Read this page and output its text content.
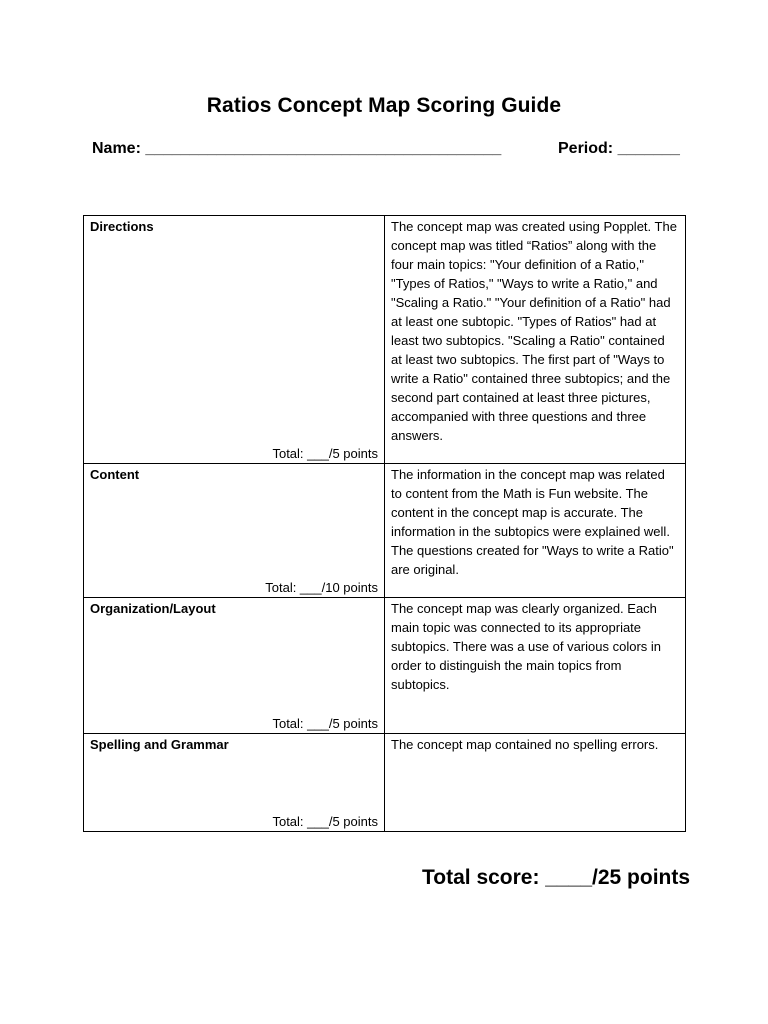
Ratios Concept Map Scoring Guide
Name: ________________________________________	Period: _______
Directions
Total: ___/5 points	The concept map was created using Popplet. The concept map was titled “Ratios” along with the four main topics: "Your definition of a Ratio," "Types of Ratios," "Ways to write a Ratio," and "Scaling a Ratio." "Your definition of a Ratio" had at least one subtopic. "Types of Ratios" had at least two subtopics. "Scaling a Ratio" contained at least two subtopics. The first part of "Ways to write a Ratio" contained three subtopics; and the second part contained at least three pictures, accompanied with three questions and three answers.

Content
Total: ___/10 points	The information in the concept map was related to content from the Math is Fun website. The content in the concept map is accurate. The information in the subtopics were explained well. The questions created for "Ways to write a Ratio" are original.

Organization/Layout
Total: ___/5 points	The concept map was clearly organized. Each main topic was connected to its appropriate subtopics. There was a use of various colors in order to distinguish the main topics from subtopics.

Spelling and Grammar
Total: ___/5 points	The concept map contained no spelling errors.
Total score: ____/25 points
